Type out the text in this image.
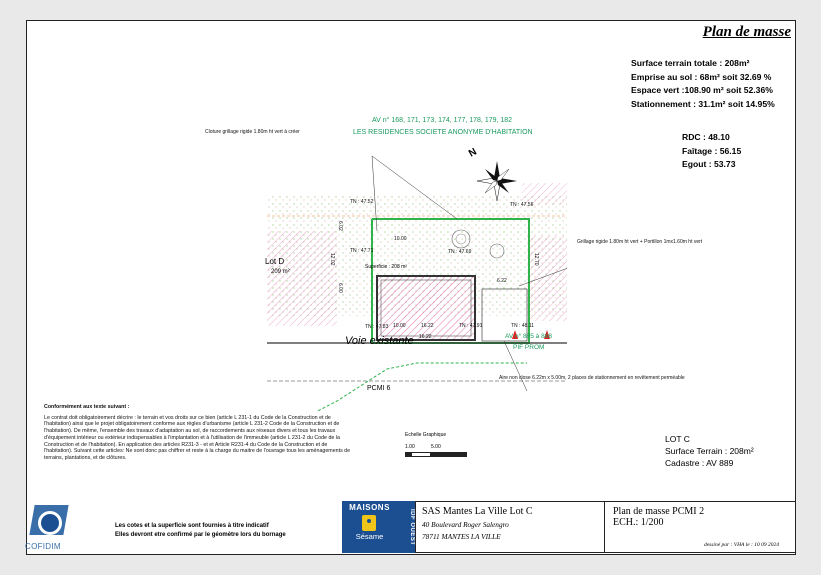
Plan de masse
Surface terrain totale : 208m²
Emprise au sol : 68m² soit 32.69 %
Espace vert :108.90 m² soit 52.36%
Stationnement : 31.1m² soit 14.95%
RDC : 48.10
Faîtage : 56.15
Egout : 53.73
N
AV n° 168, 171, 173, 174, 177, 178, 179, 182
LES RESIDENCES SOCIETE ANONYME D'HABITATION
Cloture grillage rigide 1.80m ht vert à créer
Grillage rigide 1.80m ht vert + Portillon 1mx1.60m ht vert
Aire non close 6.22m x 5.00m, 2 places de stationnement en revêtement perméable
Voie existante
PCMI 6
Lot D
209 m²
Superficie : 208 m²
AV n° 885 à 888
PIF PROM
TN : 47.52	TN : 47.56
TN : 47.71	TN : 47.69
TN : 47.83	TN : 47.91	TN : 48.11
10.00
10.00
12.02
6.02
6.00
16.22
16.22
6.22
12.70
Echelle Graphique
1.00	5.00
Conformément aux texte suivant :
Le contrat doit obligatoirement décrire : le terrain et vos droits sur ce bien (article L 231-1 du Code de la Construction et de l'habitation) ainsi que le projet obligatoirement conforme aux règles d'urbanisme (article L 231-2 Code de la Construction et de l'habitation). De même, l'ensemble des travaux d'adaptation au sol, de raccordements aux réseaux divers et tous les travaux d'équipement intérieur ou extérieur indispensables à l'implantation et à l'utilisation de l'immeuble (article L 231-2 du Code de la Construction et de l'habitation). En application des articles R231-3 - et et Article R231-4 du Code de la Construction et de l'habitation). Suivant cette articles: Ne sont donc pas chiffrer et reste à la charge du maitre de l'ouvrage tous les aménagements de terrains, plantations, et de clôtures.
LOT C
Surface Terrain : 208m²
Cadastre : AV 889
COFIDIM
Les cotes et la superficie sont fournies à titre indicatif
Elles devront etre confirmé par le géomètre lors du bornage
MAISONS
Sésame	IDF OUEST SAS Mantes La Ville Lot C
40 Boulevard Roger Salengro
78711 MANTES LA VILLE
Plan de masse PCMI 2
ECH.: 1/200
dessiné par : VHA le : 10 09 2024
